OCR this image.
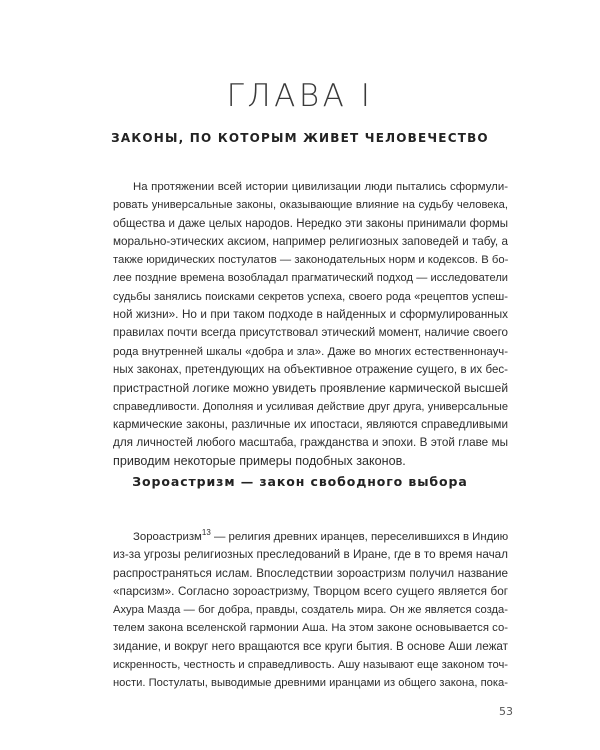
ГЛАВА I
ЗАКОНЫ, ПО КОТОРЫМ ЖИВЕТ ЧЕЛОВЕЧЕСТВО
На протяжении всей истории цивилизации люди пытались сформули-
ровать универсальные законы, оказывающие влияние на судьбу человека,
общества и даже целых народов. Нередко эти законы принимали формы
морально-этических аксиом, например религиозных заповедей и табу, а
также юридических постулатов — законодательных норм и кодексов. В бо-
лее поздние времена возобладал прагматический подход — исследователи
судьбы занялись поисками секретов успеха, своего рода «рецептов успеш-
ной жизни». Но и при таком подходе в найденных и сформулированных
правилах почти всегда присутствовал этический момент, наличие своего
рода внутренней шкалы «добра и зла». Даже во многих естественнонауч-
ных законах, претендующих на объективное отражение сущего, в их бес-
пристрастной логике можно увидеть проявление кармической высшей
справедливости. Дополняя и усиливая действие друг друга, универсальные
кармические законы, различные их ипостаси, являются справедливыми
для личностей любого масштаба, гражданства и эпохи. В этой главе мы
приводим некоторые примеры подобных законов.
Зороастризм — закон свободного выбора
Зороастризм$^{13}$ — религия древних иранцев, переселившихся в Индию
из-за угрозы религиозных преследований в Иране, где в то время начал
распространяться ислам. Впоследствии зороастризм получил название
«парсизм». Согласно зороастризму, Творцом всего сущего является бог
Ахура Мазда — бог добра, правды, создатель мира. Он же является созда-
телем закона вселенской гармонии Аша. На этом законе основывается со-
зидание, и вокруг него вращаются все круги бытия. В основе Аши лежат
искренность, честность и справедливость. Ашу называют еще законом точ-
ности. Постулаты, выводимые древними иранцами из общего закона, пока-
53
